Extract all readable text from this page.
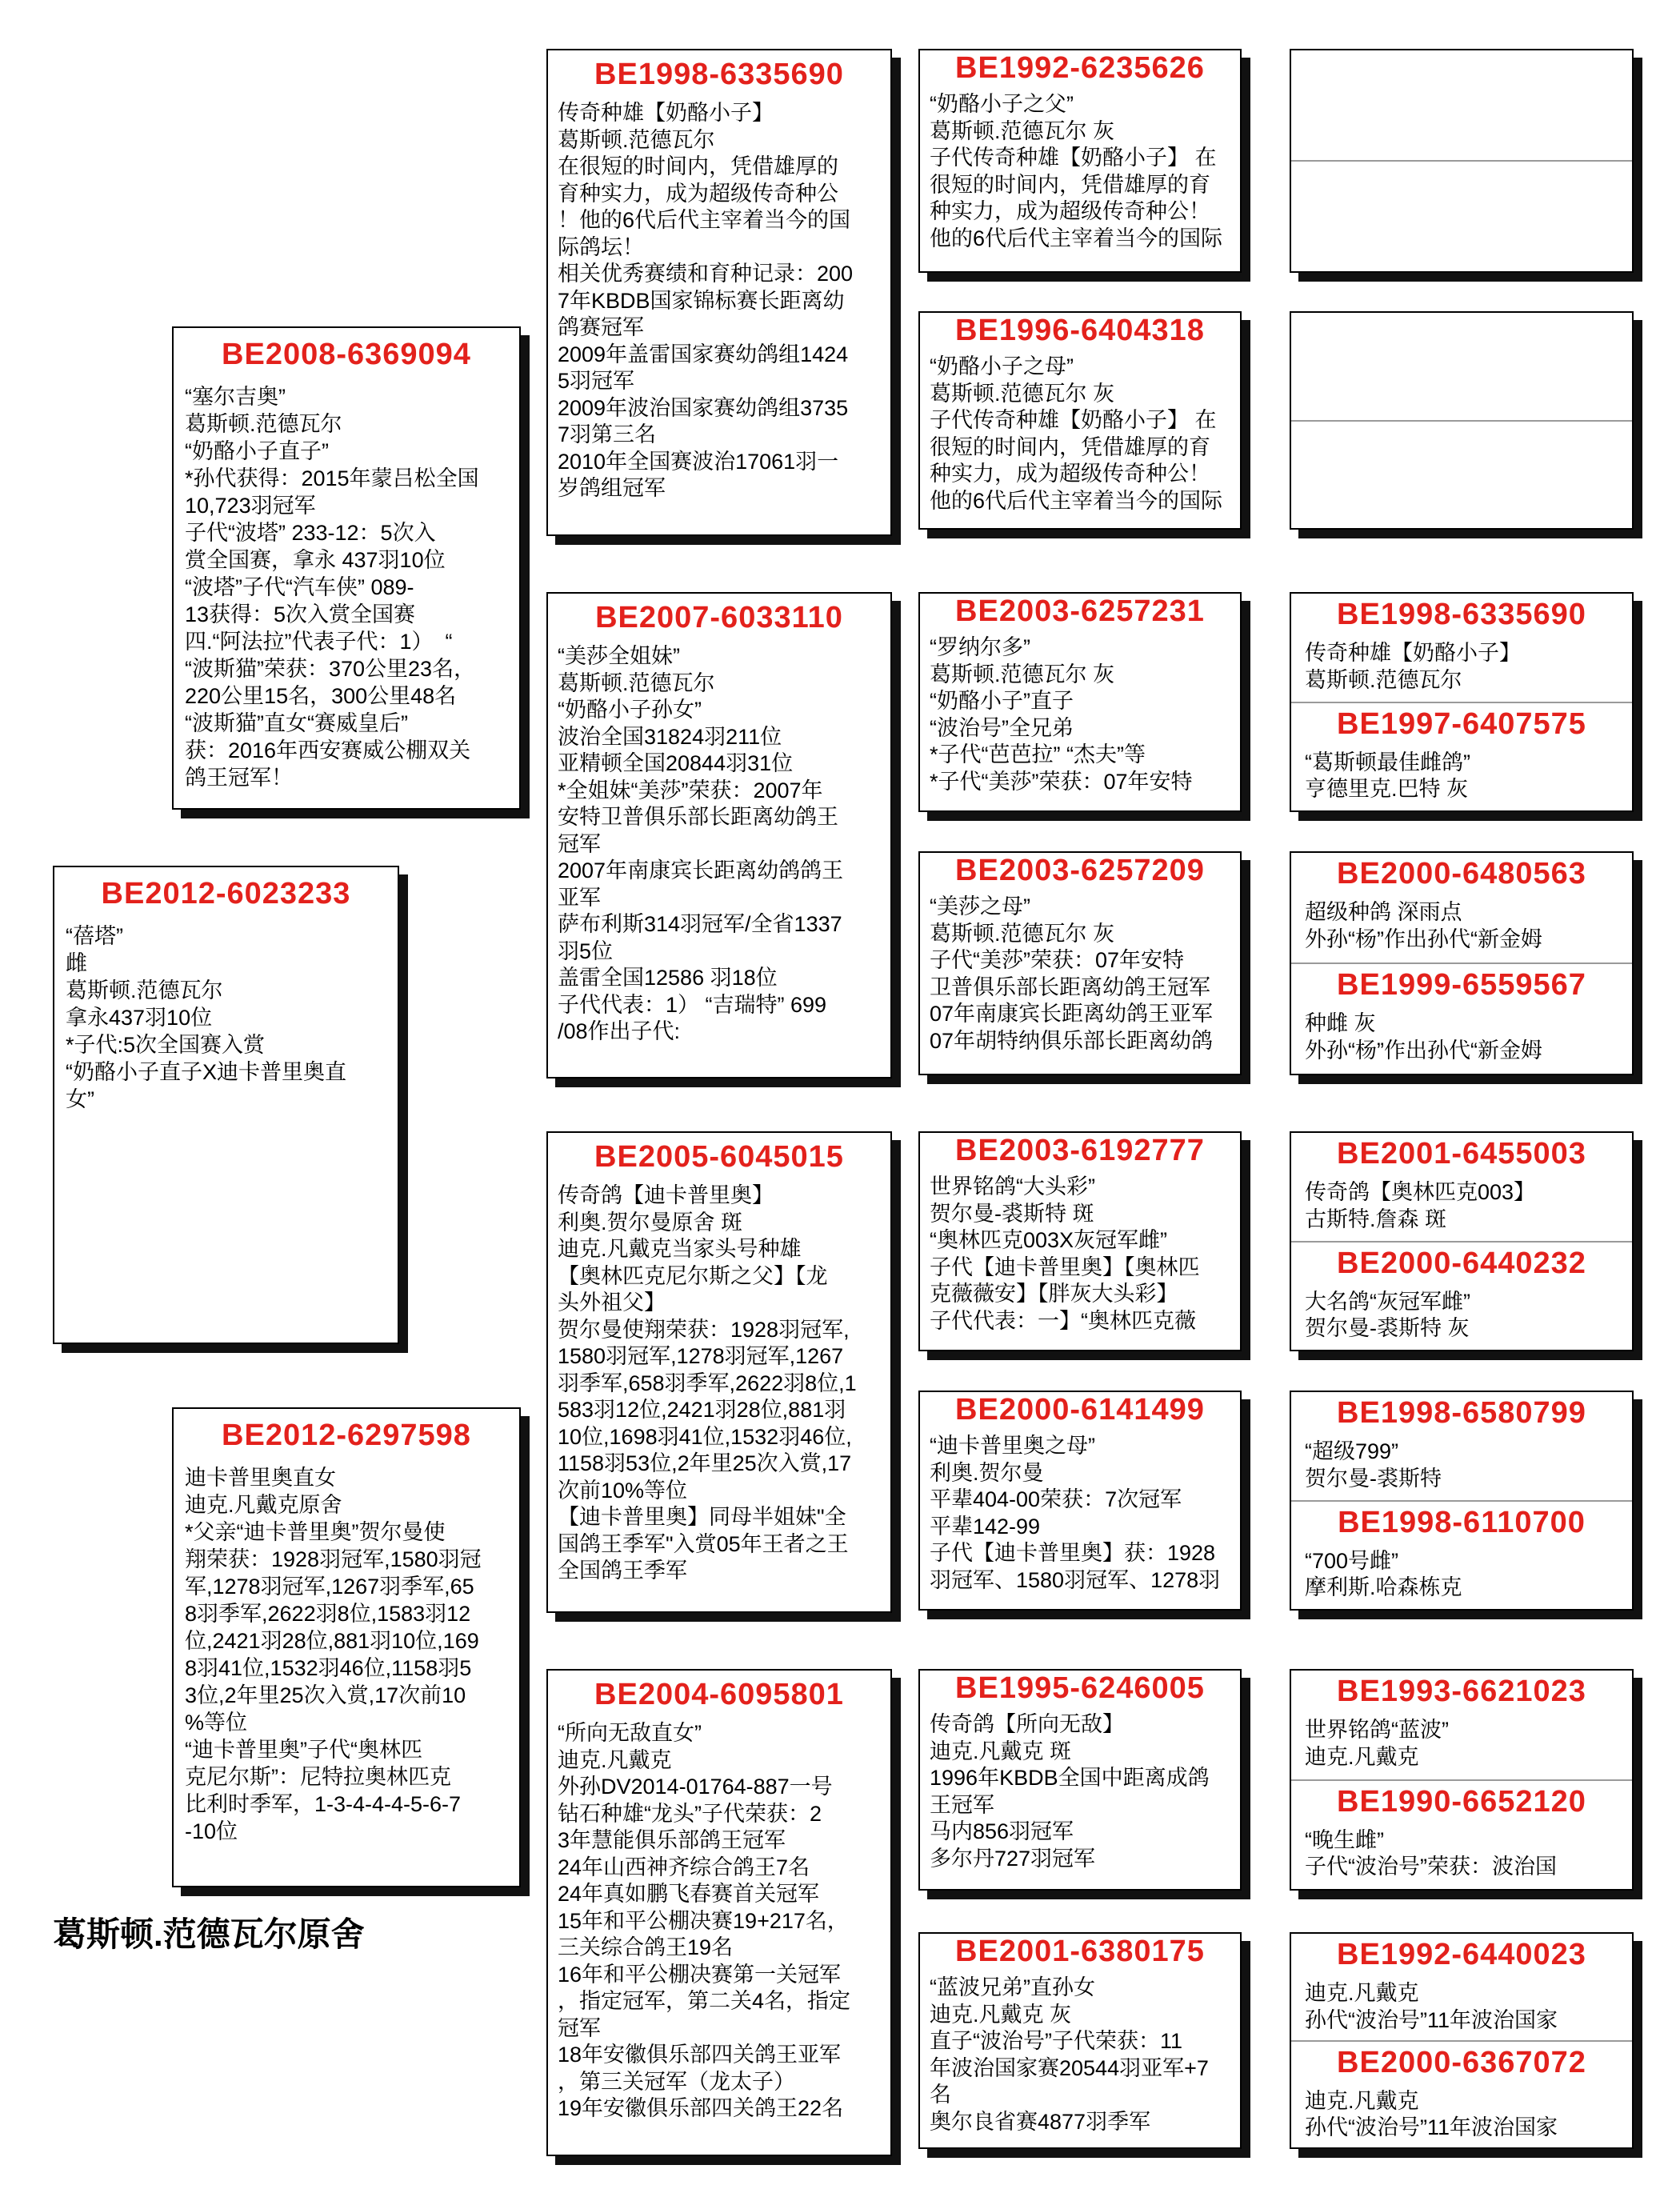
葛斯顿.范德瓦尔原舍
BE2012-6023233
“蓓塔”
雌
葛斯顿.范德瓦尔
拿永437羽10位
*子代:5次全国赛入赏
“奶酪小子直子X迪卡普里奥直
女”
BE2008-6369094
“塞尔吉奥”
葛斯顿.范德瓦尔
“奶酪小子直子”
*孙代获得：2015年蒙吕松全国
10,723羽冠军
子代“波塔” 233-12：5次入
赏全国赛，拿永 437羽10位
“波塔”子代“汽车侠” 089-
13获得：5次入赏全国赛
四.“阿法拉”代表子代：1）  “
“波斯猫”荣获：370公里23名，
220公里15名，300公里48名
“波斯猫”直女“赛威皇后”
获：2016年西安赛威公棚双关
鸽王冠军！
BE2012-6297598
迪卡普里奥直女
迪克.凡戴克原舍
*父亲“迪卡普里奥”贺尔曼使
翔荣获：1928羽冠军,1580羽冠
军,1278羽冠军,1267羽季军,65
8羽季军,2622羽8位,1583羽12
位,2421羽28位,881羽10位,169
8羽41位,1532羽46位,1158羽5
3位,2年里25次入赏,17次前10
%等位
“迪卡普里奥”子代“奥林匹
克尼尔斯”：尼特拉奥林匹克
比利时季军，1-3-4-4-4-5-6-7
-10位
BE1998-6335690
传奇种雄【奶酪小子】
葛斯顿.范德瓦尔
在很短的时间内，凭借雄厚的
育种实力，成为超级传奇种公
！他的6代后代主宰着当今的国
际鸽坛！
相关优秀赛绩和育种记录：200
7年KBDB国家锦标赛长距离幼
鸽赛冠军
2009年盖雷国家赛幼鸽组1424
5羽冠军
2009年波治国家赛幼鸽组3735
7羽第三名
2010年全国赛波治17061羽一
岁鸽组冠军
BE2007-6033110
“美莎全姐妹”
葛斯顿.范德瓦尔
“奶酪小子孙女”
波治全国31824羽211位
亚精顿全国20844羽31位
*全姐妹“美莎”荣获：2007年
安特卫普俱乐部长距离幼鸽王
冠军
2007年南康宾长距离幼鸽鸽王
亚军
萨布利斯314羽冠军/全省1337
羽5位
盖雷全国12586 羽18位
子代代表：1） “吉瑞特” 699
/08作出子代:
BE2005-6045015
传奇鸽【迪卡普里奥】
利奥.贺尔曼原舍 斑
迪克.凡戴克当家头号种雄
【奥林匹克尼尔斯之父】【龙
头外祖父】
贺尔曼使翔荣获：1928羽冠军,
1580羽冠军,1278羽冠军,1267
羽季军,658羽季军,2622羽8位,1
583羽12位,2421羽28位,881羽
10位,1698羽41位,1532羽46位,
1158羽53位,2年里25次入赏,17
次前10%等位
【迪卡普里奥】同母半姐妹"全
国鸽王季军"入赏05年王者之王
全国鸽王季军
BE2004-6095801
“所向无敌直女”
迪克.凡戴克
外孙DV2014-01764-887一号
钻石种雄“龙头”子代荣获：2
3年慧能俱乐部鸽王冠军
24年山西神齐综合鸽王7名
24年真如鹏飞春赛首关冠军
15年和平公棚决赛19+217名，
三关综合鸽王19名
16年和平公棚决赛第一关冠军
，指定冠军，第二关4名，指定
冠军
18年安徽俱乐部四关鸽王亚军
，第三关冠军（龙太子）
19年安徽俱乐部四关鸽王22名
BE1992-6235626
“奶酪小子之父”
葛斯顿.范德瓦尔 灰
子代传奇种雄【奶酪小子】 在
很短的时间内，凭借雄厚的育
种实力，成为超级传奇种公！
他的6代后代主宰着当今的国际
BE1996-6404318
“奶酪小子之母”
葛斯顿.范德瓦尔 灰
子代传奇种雄【奶酪小子】 在
很短的时间内，凭借雄厚的育
种实力，成为超级传奇种公！
他的6代后代主宰着当今的国际
BE2003-6257231
“罗纳尔多”
葛斯顿.范德瓦尔 灰
“奶酪小子”直子
“波治号”全兄弟
*子代“芭芭拉” “杰夫”等
*子代“美莎”荣获：07年安特
BE2003-6257209
“美莎之母”
葛斯顿.范德瓦尔 灰
子代“美莎”荣获：07年安特
卫普俱乐部长距离幼鸽王冠军
07年南康宾长距离幼鸽王亚军
07年胡特纳俱乐部长距离幼鸽
BE2003-6192777
世界铭鸽“大头彩”
贺尔曼-裘斯特 斑
“奥林匹克003X灰冠军雌”
子代【迪卡普里奥】【奥林匹
克薇薇安】【胖灰大头彩】
子代代表：一】“奥林匹克薇
BE2000-6141499
“迪卡普里奥之母”
利奥.贺尔曼
平辈404-00荣获：7次冠军
平辈142-99
子代【迪卡普里奥】获：1928
羽冠军、1580羽冠军、1278羽
BE1995-6246005
传奇鸽【所向无敌】
迪克.凡戴克 斑
1996年KBDB全国中距离成鸽
王冠军
马内856羽冠军
多尔丹727羽冠军
BE2001-6380175
“蓝波兄弟”直孙女
迪克.凡戴克 灰
直子“波治号”子代荣获：11
年波治国家赛20544羽亚军+7
名
奥尔良省赛4877羽季军
BE1998-6335690
传奇种雄【奶酪小子】
葛斯顿.范德瓦尔
BE1997-6407575
“葛斯顿最佳雌鸽”
亨德里克.巴特 灰
BE2000-6480563
超级种鸽 深雨点
外孙“杨”作出孙代“新金姆
BE1999-6559567
种雌 灰
外孙“杨”作出孙代“新金姆
BE2001-6455003
传奇鸽【奥林匹克003】
古斯特.詹森 斑
BE2000-6440232
大名鸽“灰冠军雌”
贺尔曼-裘斯特 灰
BE1998-6580799
“超级799”
贺尔曼-裘斯特
BE1998-6110700
“700号雌”
摩利斯.哈森栋克
BE1993-6621023
世界铭鸽“蓝波”
迪克.凡戴克
BE1990-6652120
“晚生雌”
子代“波治号”荣获：波治国
BE1992-6440023
迪克.凡戴克
孙代“波治号”11年波治国家
BE2000-6367072
迪克.凡戴克
孙代“波治号”11年波治国家
